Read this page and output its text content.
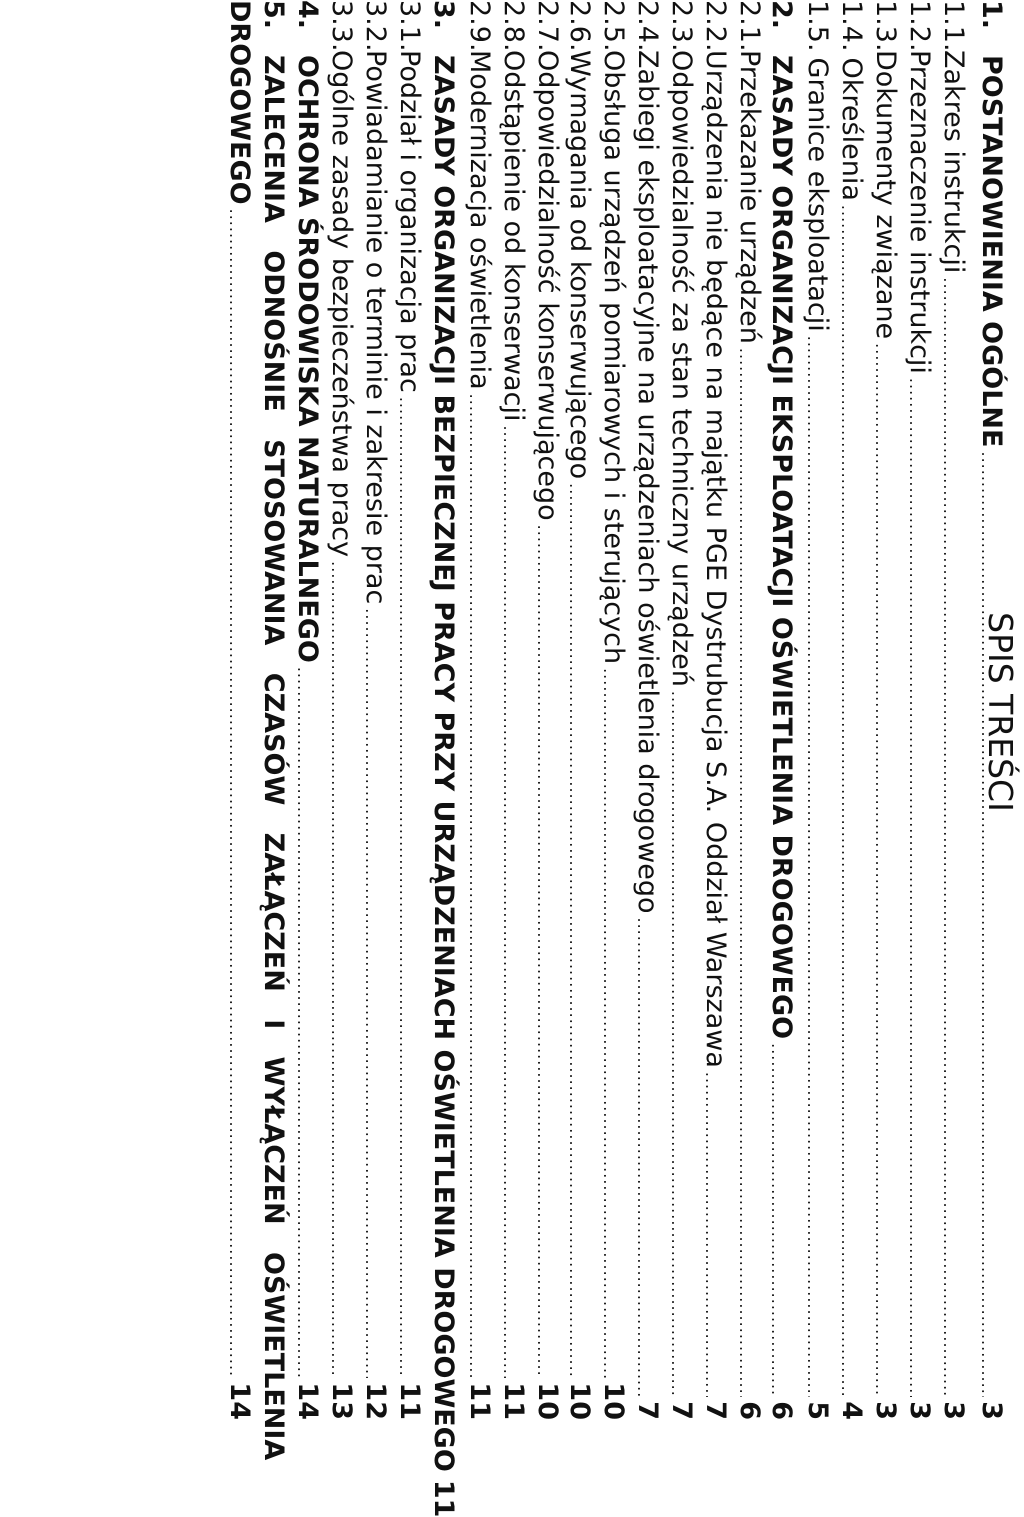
SPIS TREŚCI
1.
POSTANOWIENIA OGÓLNE
.....
3
1.1.
Zakres instrukcji
.....
3
1.2.
Przeznaczenie instrukcji
.....
3
1.3.
Dokumenty związane
.....
3
1.4.
Określenia
.....
4
1.5.
Granice eksploatacji
.....
5
2.
ZASADY ORGANIZACJI EKSPLOATACJI OŚWIETLENIA DROGOWEGO
.....
6
2.1.
Przekazanie urządzeń
.....
6
2.2.
Urządzenia nie będące na majątku PGE Dystrubucja S.A. Oddział Warszawa
.....
7
2.3.
Odpowiedzialność za stan techniczny urządzeń
.....
7
2.4.
Zabiegi eksploatacyjne na urządzeniach oświetlenia drogowego
.....
7
2.5.
Obsługa urządzeń pomiarowych i sterujących
.....
10
2.6.
Wymagania od konserwującego
.....
10
2.7.
Odpowiedzialność konserwującego
.....
10
2.8.
Odstąpienie od konserwacji
.....
11
2.9.
Modernizacja oświetlenia
.....
11
3.
ZASADY ORGANIZACJI BEZPIECZNEJ PRACY PRZY URZĄDZENIACH OŚWIETLENIA DROGOWEGO
11
3.1.
Podział i organizacja prac
.....
11
3.2.
Powiadamianie o terminie i zakresie prac
.....
12
3.3.
Ogólne zasady bezpieczeństwa pracy
.....
13
4.
OCHRONA ŚRODOWISKA NATURALNEGO
.....
14
5.
ZALECENIA ODNOŚNIE STOSOWANIA CZASÓW ZAŁĄCZEŃ I WYŁĄCZEŃ OŚWIETLENIA
DROGOWEGO
.....
14
